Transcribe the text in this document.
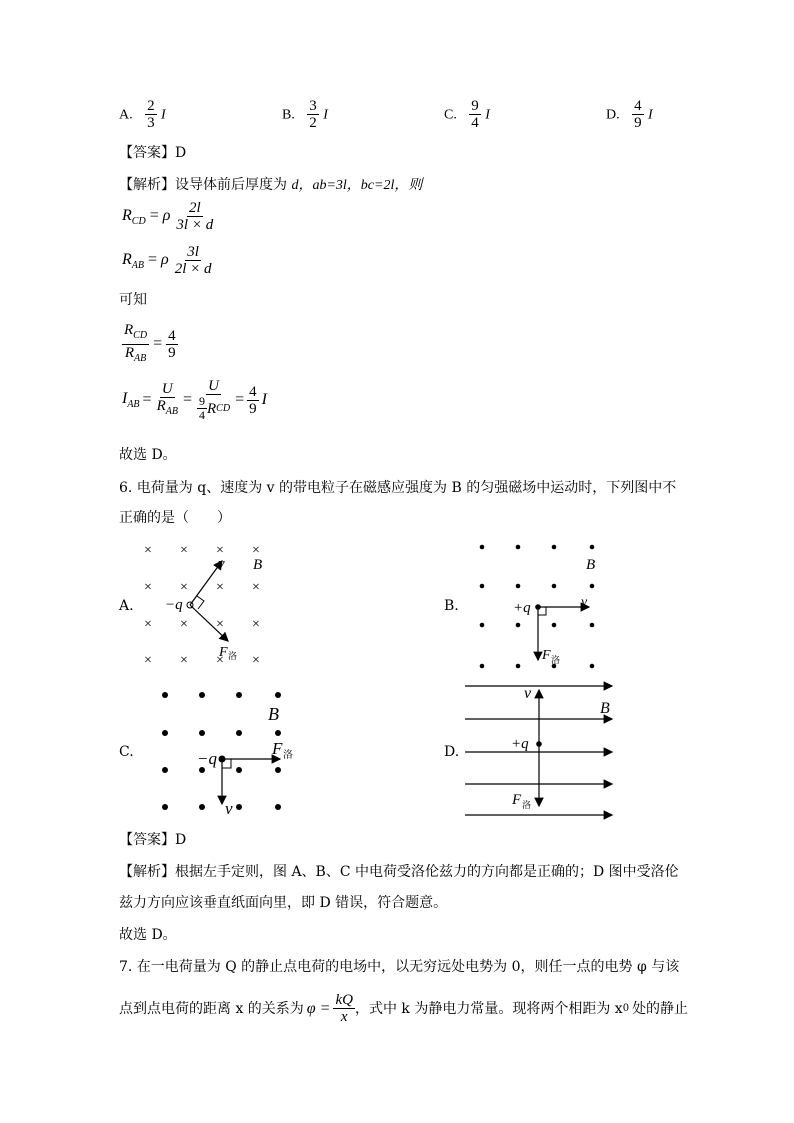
A. $\frac{2}{3}$ I	B. $\frac{3}{2}$ I	C. $\frac{9}{4}$ I	D. $\frac{4}{9}$ I
【答案】D
【解析】设导体前后厚度为 d，ab=3l，bc=2l，则
$R_{CD} = \rho \frac{2l}{3l \times d}$
$R_{AB} = \rho \frac{3l}{2l \times d}$
可知
$\frac{R_{CD}}{R_{AB}} = \frac{4}{9}$
$I_{AB} = \frac{U}{R_{AB}} = \frac{U}{\frac{9}{4} R CD} = \frac{4}{9}$ I
故选 D。
6. 电荷量为 q、速度为 v 的带电粒子在磁感应强度为 B 的匀强磁场中运动时，下列图中不
正确的是（　　）
× × × ×
× × × ×
× × × ×
× × × ×
v B
−q
F 洛
A.
B
+q	v
F 洛
B.
B
−q
F 洛
v
C.
v
B
+q
F 洛
D.
【答案】D
【解析】根据左手定则，图 A、B、C 中电荷受洛伦兹力的方向都是正确的；D 图中受洛伦
兹力方向应该垂直纸面向里，即 D 错误，符合题意。
故选 D。
7. 在一电荷量为 Q 的静止点电荷的电场中，以无穷远处电势为 0，则任一点的电势 φ 与该
点到点电荷的距离 x 的关系为 $\varphi = \frac{kQ}{x}$ ，式中 k 为静电力常量。现将两个相距为 x 0 处的静止
